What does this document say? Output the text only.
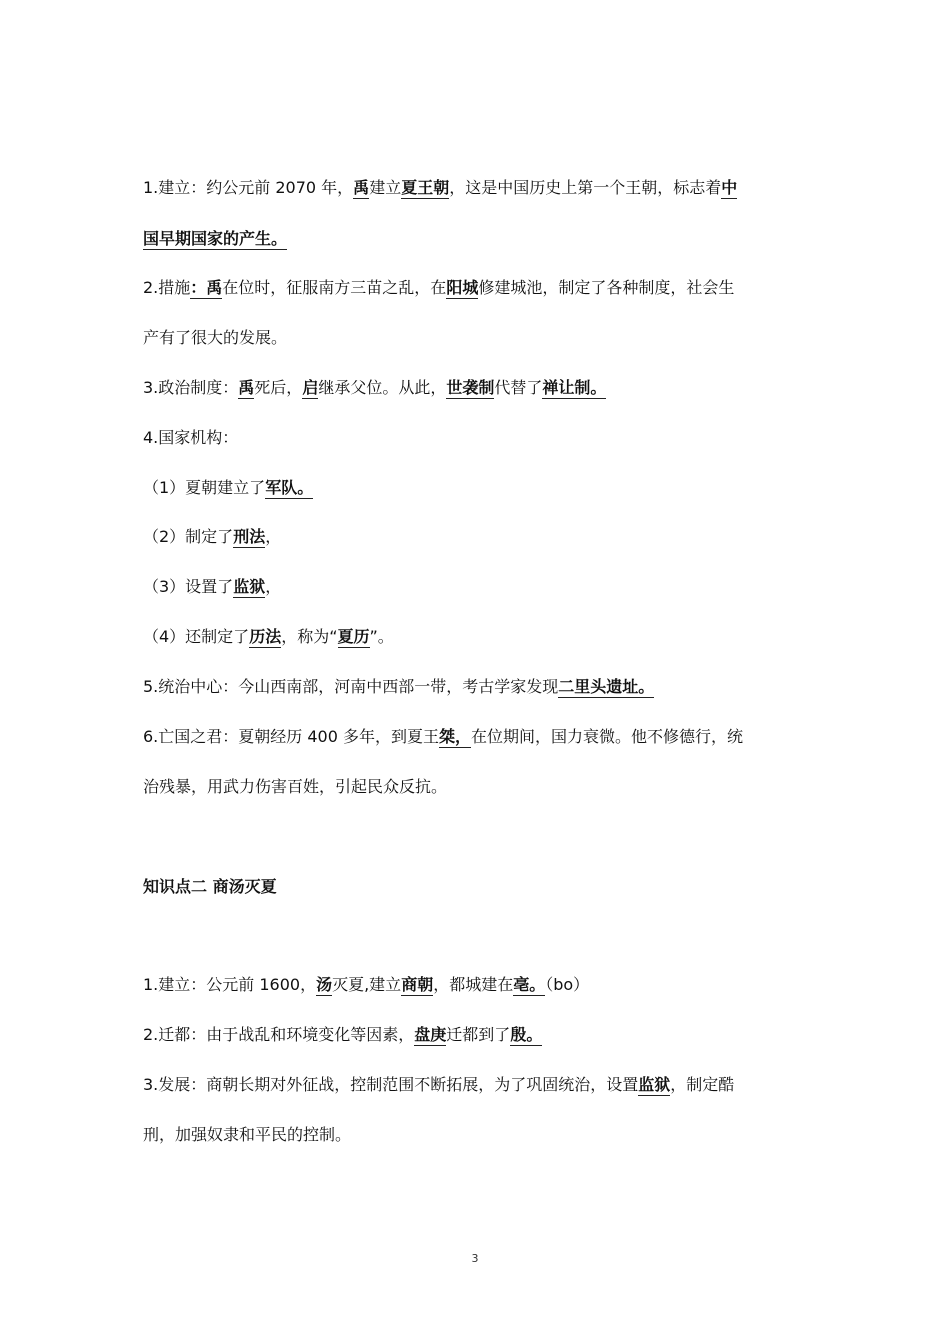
1.建立：约公元前 2070 年，禹建立夏王朝，这是中国历史上第一个王朝，标志着中
国早期国家的产生。
2.措施：禹在位时，征服南方三苗之乱，在阳城修建城池，制定了各种制度，社会生
产有了很大的发展。
3.政治制度：禹死后，启继承父位。从此，世袭制代替了禅让制。
4.国家机构：
（1）夏朝建立了军队。
（2）制定了刑法，
（3）设置了监狱，
（4）还制定了历法，称为“夏历”。
5.统治中心：今山西南部，河南中西部一带，考古学家发现二里头遗址。
6.亡国之君：夏朝经历 400 多年，到夏王桀，在位期间，国力衰微。他不修德行，统
治残暴，用武力伤害百姓，引起民众反抗。
知识点二 商汤灭夏
1.建立：公元前 1600，汤灭夏,建立商朝，都城建在亳。（bo）
2.迁都：由于战乱和环境变化等因素，盘庚迁都到了殷。
3.发展：商朝长期对外征战，控制范围不断拓展，为了巩固统治，设置监狱，制定酷
刑，加强奴隶和平民的控制。
3
